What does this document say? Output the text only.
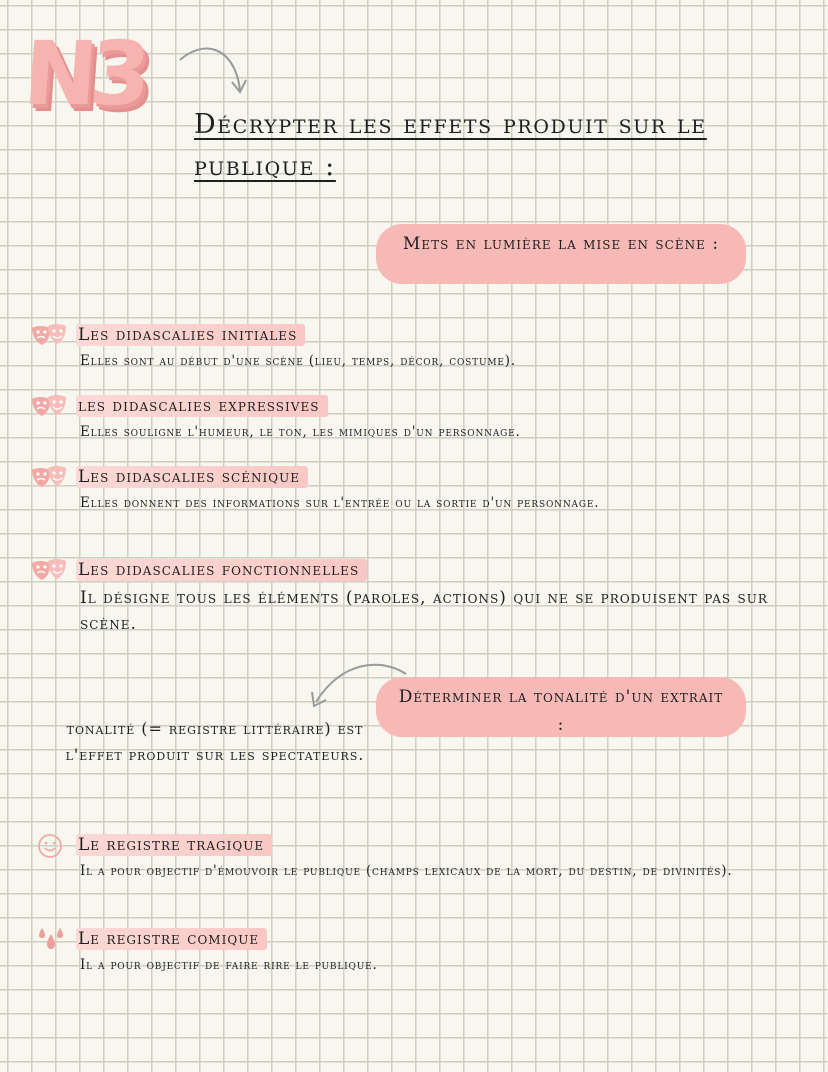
N3 Décrypter les effets produit sur le publique :
Mets en lumière la mise en scène :
Les didascalies initiales
Elles sont au début d'une scène (lieu, temps, décor, costume).
les didascalies expressives
Elles souligne l'humeur, le ton, les mimiques d'un personnage.
Les didascalies scénique
Elles donnent des informations sur l'entrée ou la sortie d'un personnage.
Les didascalies fonctionnelles
Il désigne tous les éléments (paroles, actions) qui ne se produisent pas sur scène.
Déterminer la tonalité d'un extrait :
tonalité (= registre littéraire) est l'effet produit sur les spectateurs.
Le registre tragique
Il a pour objectif d'émouvoir le publique (champs lexicaux de la mort, du destin, de divinités).
Le registre comique
Il a pour objectif de faire rire le publique.
